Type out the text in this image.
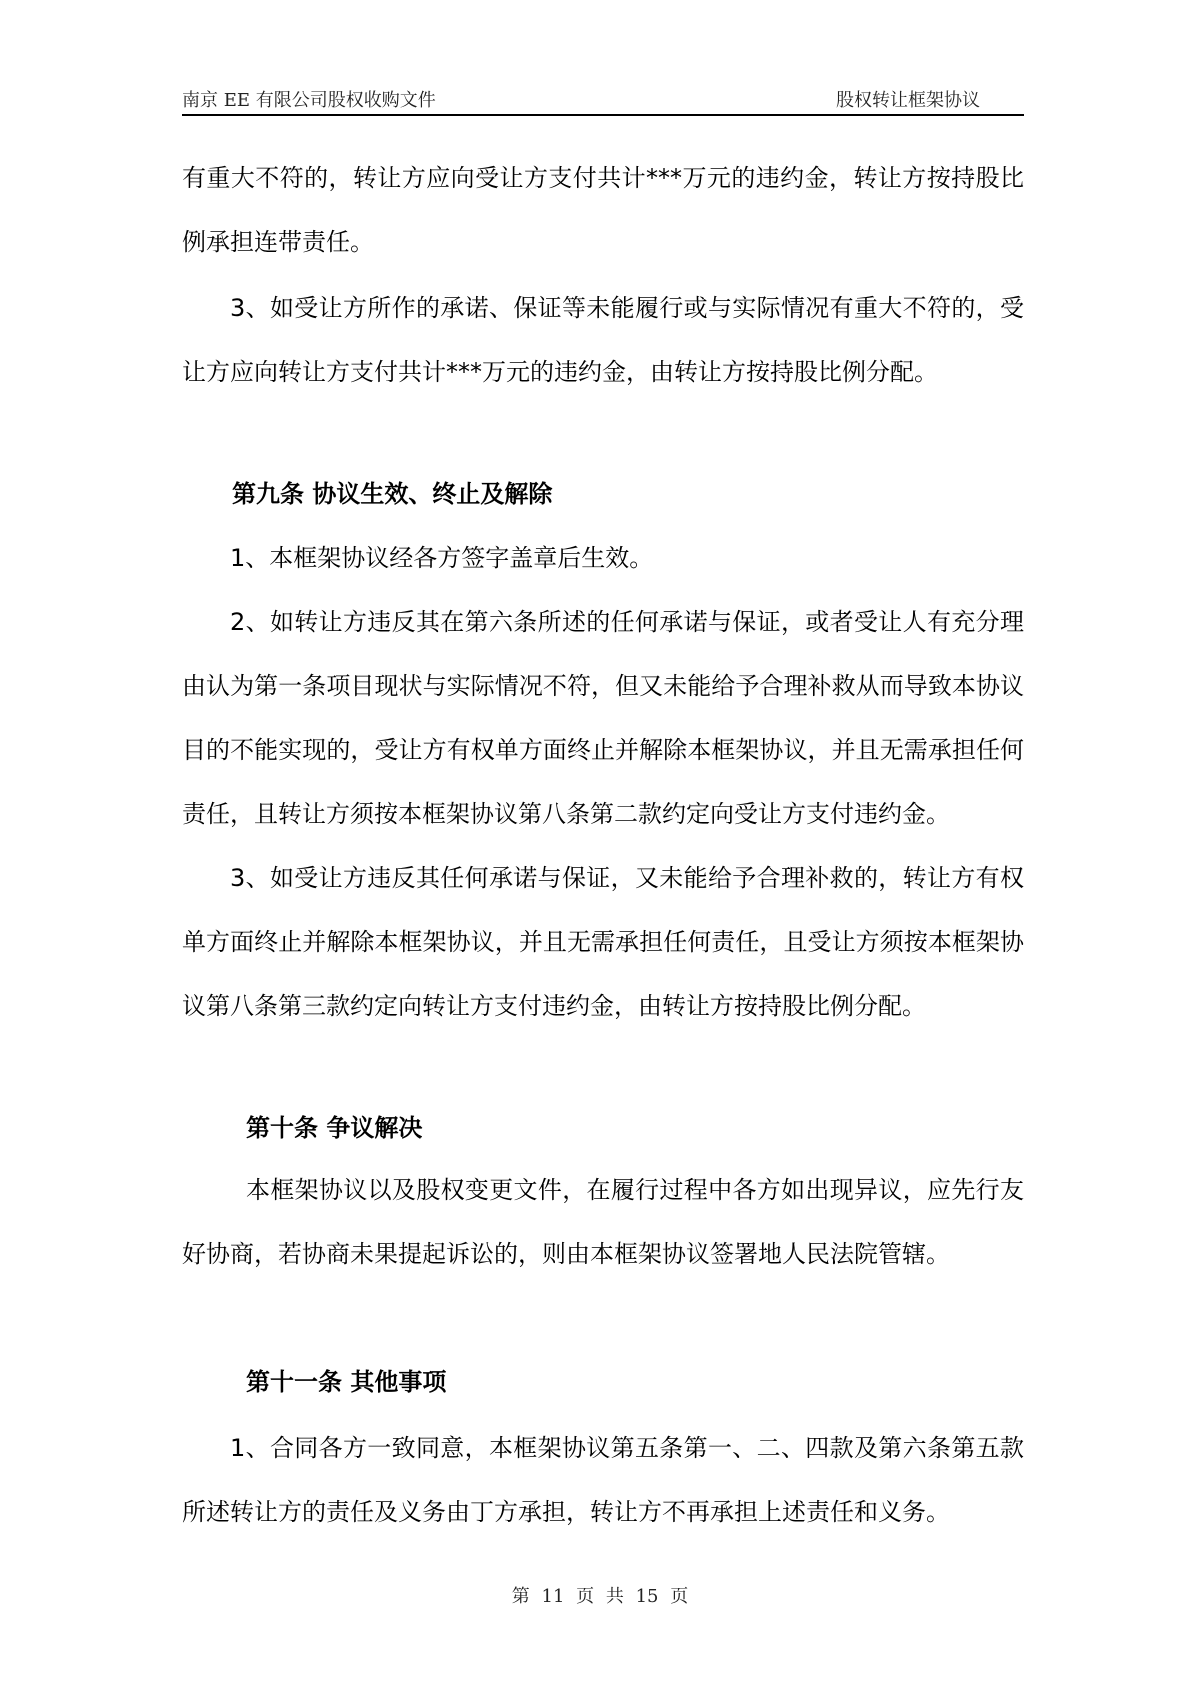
南京 EE 有限公司股权收购文件	股权转让框架协议

有重大不符的，转让方应向受让方支付共计***万元的违约金，转让方按持股比例承担连带责任。

3、如受让方所作的承诺、保证等未能履行或与实际情况有重大不符的，受让方应向转让方支付共计***万元的违约金，由转让方按持股比例分配。

第九条 协议生效、终止及解除

1、本框架协议经各方签字盖章后生效。

2、如转让方违反其在第六条所述的任何承诺与保证，或者受让人有充分理由认为第一条项目现状与实际情况不符，但又未能给予合理补救从而导致本协议目的不能实现的，受让方有权单方面终止并解除本框架协议，并且无需承担任何责任，且转让方须按本框架协议第八条第二款约定向受让方支付违约金。

3、如受让方违反其任何承诺与保证，又未能给予合理补救的，转让方有权单方面终止并解除本框架协议，并且无需承担任何责任，且受让方须按本框架协议第八条第三款约定向转让方支付违约金，由转让方按持股比例分配。

第十条 争议解决

本框架协议以及股权变更文件，在履行过程中各方如出现异议，应先行友好协商，若协商未果提起诉讼的，则由本框架协议签署地人民法院管辖。

第十一条 其他事项

1、合同各方一致同意，本框架协议第五条第一、二、四款及第六条第五款所述转让方的责任及义务由丁方承担，转让方不再承担上述责任和义务。

第 11 页 共 15 页
